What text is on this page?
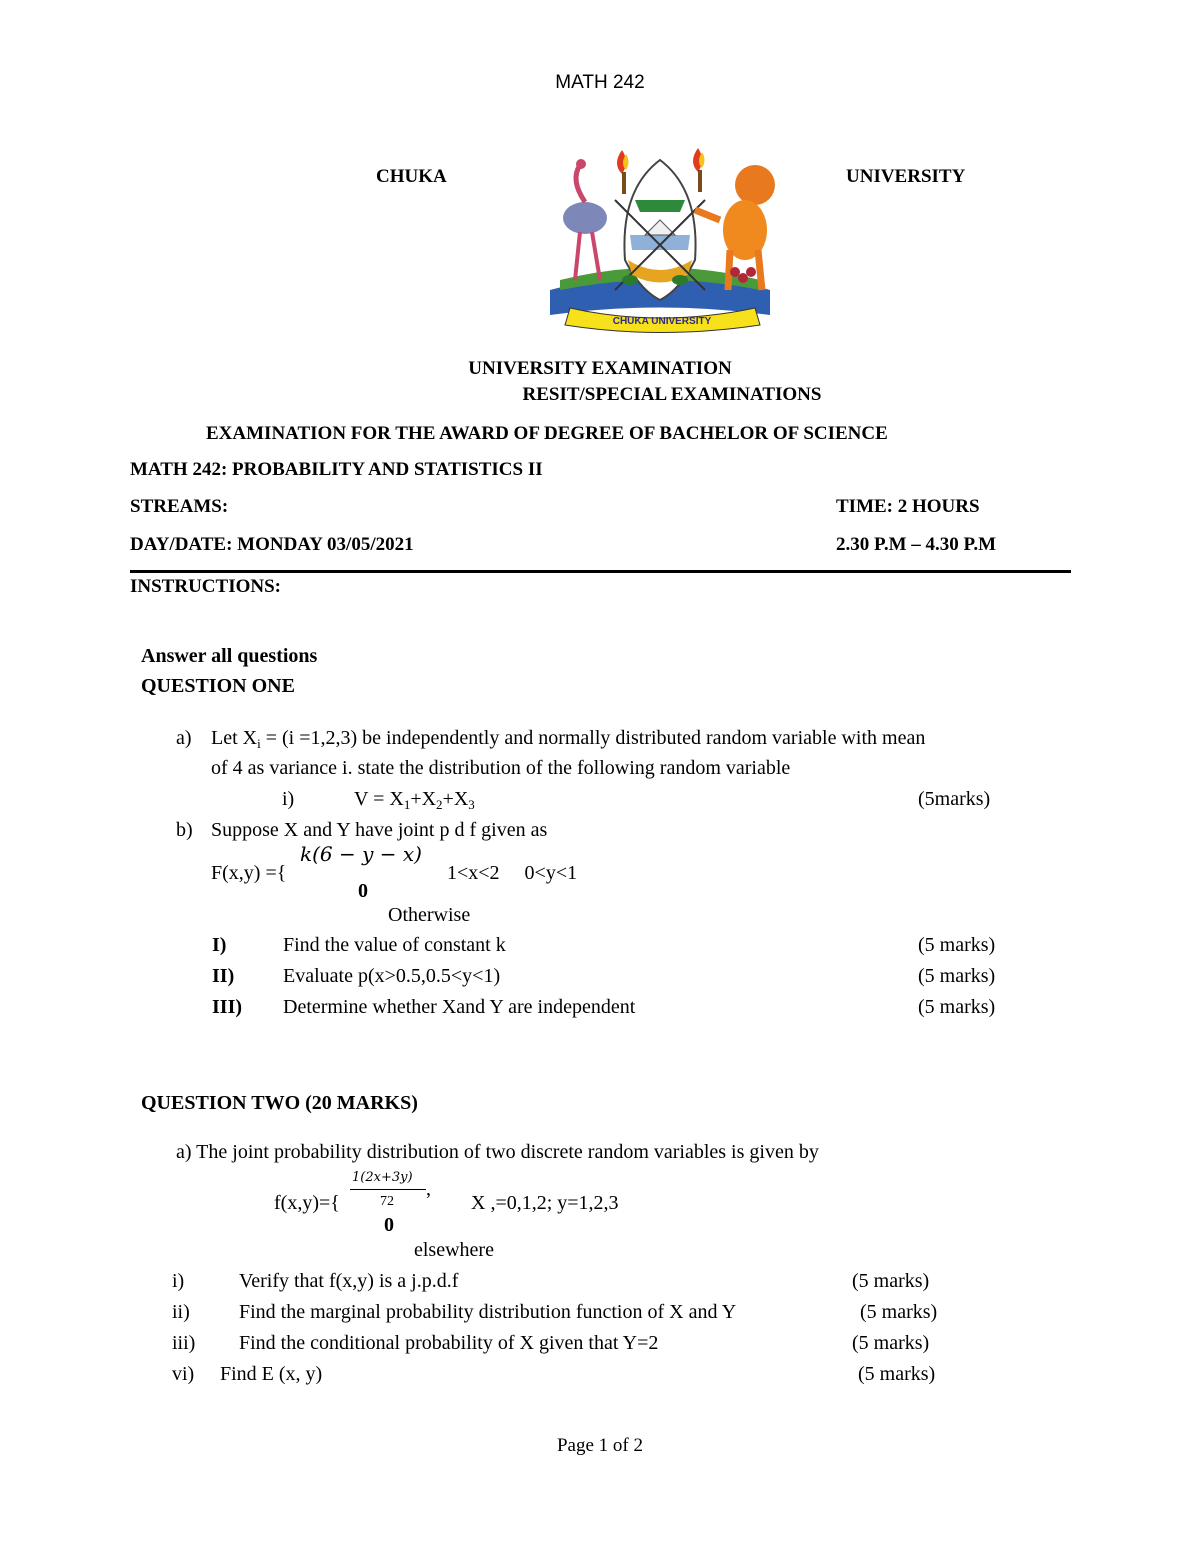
MATH 242
CHUKA	UNIVERSITY
CHUKA UNIVERSITY
UNIVERSITY EXAMINATION
RESIT/SPECIAL EXAMINATIONS
EXAMINATION FOR THE AWARD OF DEGREE OF BACHELOR OF SCIENCE
MATH 242: PROBABILITY AND STATISTICS II
STREAMS:	TIME: 2 HOURS
DAY/DATE: MONDAY 03/05/2021	2.30 P.M – 4.30 P.M
INSTRUCTIONS:
Answer all questions
QUESTION ONE
a) Let $X_i = (i =1,2,3)$ be independently and normally distributed random variable with mean
of 4 as variance i. state the distribution of the following random variable
i)	$V = X_1+X_2+X_3$	(5marks)
b) Suppose X and Y have joint p d f given as
k(6 − y − x)
F(x,y) ={	1<x<2     0<y<1
0
Otherwise
I)	Find the value of constant k	(5 marks)
II) Evaluate p(x>0.5,0.5<y<1)	(5 marks)
III) Determine whether Xand Y are independent	(5 marks)
QUESTION TWO (20 MARKS)
a) The joint probability distribution of two discrete random variables is given by
f(x,y)={
1(2x+3y)
72
,
X ,=0,1,2; y=1,2,3
0
elsewhere
i)	Verify that f(x,y) is a j.p.d.f	(5 marks)
ii) Find the marginal probability distribution function of X and Y	(5 marks)
iii) Find the conditional probability of X given that Y=2	(5 marks)
vi) Find E (x, y)	(5 marks)
Page 1 of 2
